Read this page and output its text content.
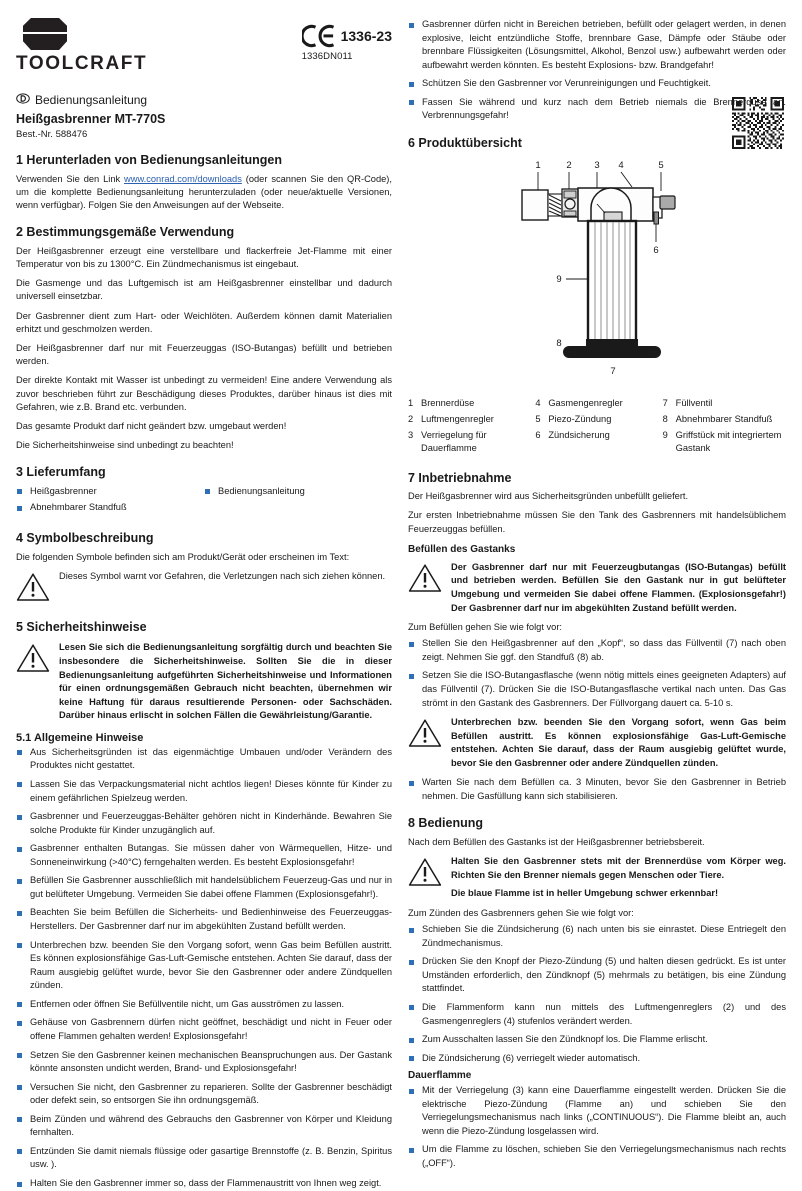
TOOLCRAFT
1336-23
1336DN011
Bedienungsanleitung
Heißgasbrenner MT-770S
Best.-Nr. 588476
1 Herunterladen von Bedienungsanleitungen

Verwenden Sie den Link www.conrad.com/downloads (oder scannen Sie den QR-Code), um die komplette Bedienungsanleitung herunterzuladen (oder neue/aktuelle Versionen, wenn verfügbar). Folgen Sie den Anweisungen auf der Webseite.

2 Bestimmungsgemäße Verwendung

Der Heißgasbrenner erzeugt eine verstellbare und flackerfreie Jet-Flamme mit einer Temperatur von bis zu 1300°C. Ein Zündmechanismus ist eingebaut.

Die Gasmenge und das Luftgemisch ist am Heißgasbrenner einstellbar und dadurch universell einsetzbar.

Der Gasbrenner dient zum Hart- oder Weichlöten. Außerdem können damit Materialien erhitzt und geschmolzen werden.

Der Heißgasbrenner darf nur mit Feuerzeuggas (ISO-Butangas) befüllt und betrieben werden.

Der direkte Kontakt mit Wasser ist unbedingt zu vermeiden! Eine andere Verwendung als zuvor beschrieben führt zur Beschädigung dieses Produktes, darüber hinaus ist dies mit Gefahren, wie z.B. Brand etc. verbunden.

Das gesamte Produkt darf nicht geändert bzw. umgebaut werden!

Die Sicherheitshinweise sind unbedingt zu beachten!

3 Lieferumfang
Heißgasbrenner	Bedienungsanleitung
Abnehmbarer Standfuß
4 Symbolbeschreibung

Die folgenden Symbole befinden sich am Produkt/Gerät oder erscheinen im Text:

Dieses Symbol warnt vor Gefahren, die Verletzungen nach sich ziehen können.

5 Sicherheitshinweise

Lesen Sie sich die Bedienungsanleitung sorgfältig durch und beachten Sie insbesondere die Sicherheitshinweise. Sollten Sie die in dieser Bedienungsanleitung aufgeführten Sicherheitshinweise und Informationen für einen ordnungsgemäßen Gebrauch nicht beachten, übernehmen wir keine Haftung für daraus resultierende Personen- oder Sachschäden. Darüber hinaus erlischt in solchen Fällen die Gewährleistung/Garantie.

5.1 Allgemeine Hinweise
Aus Sicherheitsgründen ist das eigenmächtige Umbauen und/oder Verändern des Produktes nicht gestattet.
Lassen Sie das Verpackungsmaterial nicht achtlos liegen! Dieses könnte für Kinder zu einem gefährlichen Spielzeug werden.
Gasbrenner und Feuerzeuggas-Behälter gehören nicht in Kinderhände. Bewahren Sie solche Produkte für Kinder unzugänglich auf.
Gasbrenner enthalten Butangas. Sie müssen daher von Wärmequellen, Hitze- und Sonneneinwirkung (>40°C) ferngehalten werden. Es besteht Explosionsgefahr!
Befüllen Sie Gasbrenner ausschließlich mit handelsüblichem Feuerzeug-Gas und nur in gut belüfteter Umgebung. Vermeiden Sie dabei offene Flammen (Explosionsgefahr!).
Beachten Sie beim Befüllen die Sicherheits- und Bedienhinweise des Feuerzeuggas-Herstellers. Der Gasbrenner darf nur im abgekühlten Zustand befüllt werden.
Unterbrechen bzw. beenden Sie den Vorgang sofort, wenn Gas beim Befüllen austritt. Es können explosionsfähige Gas-Luft-Gemische entstehen. Achten Sie darauf, dass der Raum ausgiebig gelüftet wurde, bevor Sie den Gasbrenner oder andere Zündquellen zünden.
Entfernen oder öffnen Sie Befüllventile nicht, um Gas ausströmen zu lassen.
Gehäuse von Gasbrennern dürfen nicht geöffnet, beschädigt und nicht in Feuer oder offene Flammen gehalten werden! Explosionsgefahr!
Setzen Sie den Gasbrenner keinen mechanischen Beanspruchungen aus. Der Gastank könnte ansonsten undicht werden, Brand- und Explosionsgefahr!
Versuchen Sie nicht, den Gasbrenner zu reparieren. Sollte der Gasbrenner beschädigt oder defekt sein, so entsorgen Sie ihn ordnungsgemäß.
Beim Zünden und während des Gebrauchs den Gasbrenner von Körper und Kleidung fernhalten.
Entzünden Sie damit niemals flüssige oder gasartige Brennstoffe (z. B. Benzin, Spiritus usw. ).
Halten Sie den Gasbrenner immer so, dass der Flammenaustritt von Ihnen weg zeigt.
Gasbrenner dürfen nicht in Bereichen betrieben, befüllt oder gelagert werden, in denen explosive, leicht entzündliche Stoffe, brennbare Gase, Dämpfe oder Stäube oder brennbare Flüssigkeiten (Lösungsmittel, Alkohol, Benzol usw.) aufbewahrt werden oder aufbewahrt werden könnten. Es besteht Explosions- bzw. Brandgefahr!
Schützen Sie den Gasbrenner vor Verunreinigungen und Feuchtigkeit.
Fassen Sie während und kurz nach dem Betrieb niemals die Brennerdüse an. Verbrennungsgefahr!
6 Produktübersicht
1	2 3 4	5
6
9
8
7
1 Brennerdüse
2 Luftmengenregler
3 Verriegelung für Dauerflamme
4 Gasmengenregler
5 Piezo-Zündung
6 Zündsicherung
7 Füllventil
8 Abnehmbarer Standfuß
9 Griffstück mit integriertem Gastank
7 Inbetriebnahme

Der Heißgasbrenner wird aus Sicherheitsgründen unbefüllt geliefert.

Zur ersten Inbetriebnahme müssen Sie den Tank des Gasbrenners mit handelsüblichem Feuerzeuggas befüllen.

Befüllen des Gastanks

Der Gasbrenner darf nur mit Feuerzeugbutangas (ISO-Butangas) befüllt und betrieben werden. Befüllen Sie den Gastank nur in gut belüfteter Umgebung und vermeiden Sie dabei offene Flammen. (Explosionsgefahr!) Der Gasbrenner darf nur im abgekühlten Zustand befüllt werden.

Zum Befüllen gehen Sie wie folgt vor:

Stellen Sie den Heißgasbrenner auf den „Kopf“, so dass das Füllventil (7) nach oben zeigt. Nehmen Sie ggf. den Standfuß (8) ab.
Setzen Sie die ISO-Butangasflasche (wenn nötig mittels eines geeigneten Adapters) auf das Füllventil (7). Drücken Sie die ISO-Butangasflasche vertikal nach unten. Das Gas strömt in den Gastank des Gasbrenners. Der Füllvorgang dauert ca. 5-10 s.

Unterbrechen bzw. beenden Sie den Vorgang sofort, wenn Gas beim Befüllen austritt. Es können explosionsfähige Gas-Luft-Gemische entstehen. Achten Sie darauf, dass der Raum ausgiebig gelüftet wurde, bevor Sie den Gasbrenner oder andere Zündquellen zünden.

Warten Sie nach dem Befüllen ca. 3 Minuten, bevor Sie den Gasbrenner in Betrieb nehmen. Die Gasfüllung kann sich stabilisieren.
8 Bedienung

Nach dem Befüllen des Gastanks ist der Heißgasbrenner betriebsbereit.

Halten Sie den Gasbrenner stets mit der Brennerdüse vom Körper weg. Richten Sie den Brenner niemals gegen Menschen oder Tiere.

Die blaue Flamme ist in heller Umgebung schwer erkennbar!

Zum Zünden des Gasbrenners gehen Sie wie folgt vor:

Schieben Sie die Zündsicherung (6) nach unten bis sie einrastet. Diese Entriegelt den Zündmechanismus.
Drücken Sie den Knopf der Piezo-Zündung (5) und halten diesen gedrückt. Es ist unter Umständen erforderlich, den Zündknopf (5) mehrmals zu betätigen, bis eine Zündung stattfindet.
Die Flammenform kann nun mittels des Luftmengenreglers (2) und des Gasmengenreglers (4) stufenlos verändert werden.
Zum Ausschalten lassen Sie den Zündknopf los. Die Flamme erlischt.
Die Zündsicherung (6) verriegelt wieder automatisch.
Dauerflamme
Mit der Verriegelung (3) kann eine Dauerflamme eingestellt werden. Drücken Sie die elektrische Piezo-Zündung (Flamme an) und schieben Sie den Verriegelungsmechanismus nach links („CONTINUOUS“). Die Flamme bleibt an, auch wenn die Piezo-Zündung losgelassen wird.
Um die Flamme zu löschen, schieben Sie den Verriegelungsmechanismus nach rechts („OFF“).
